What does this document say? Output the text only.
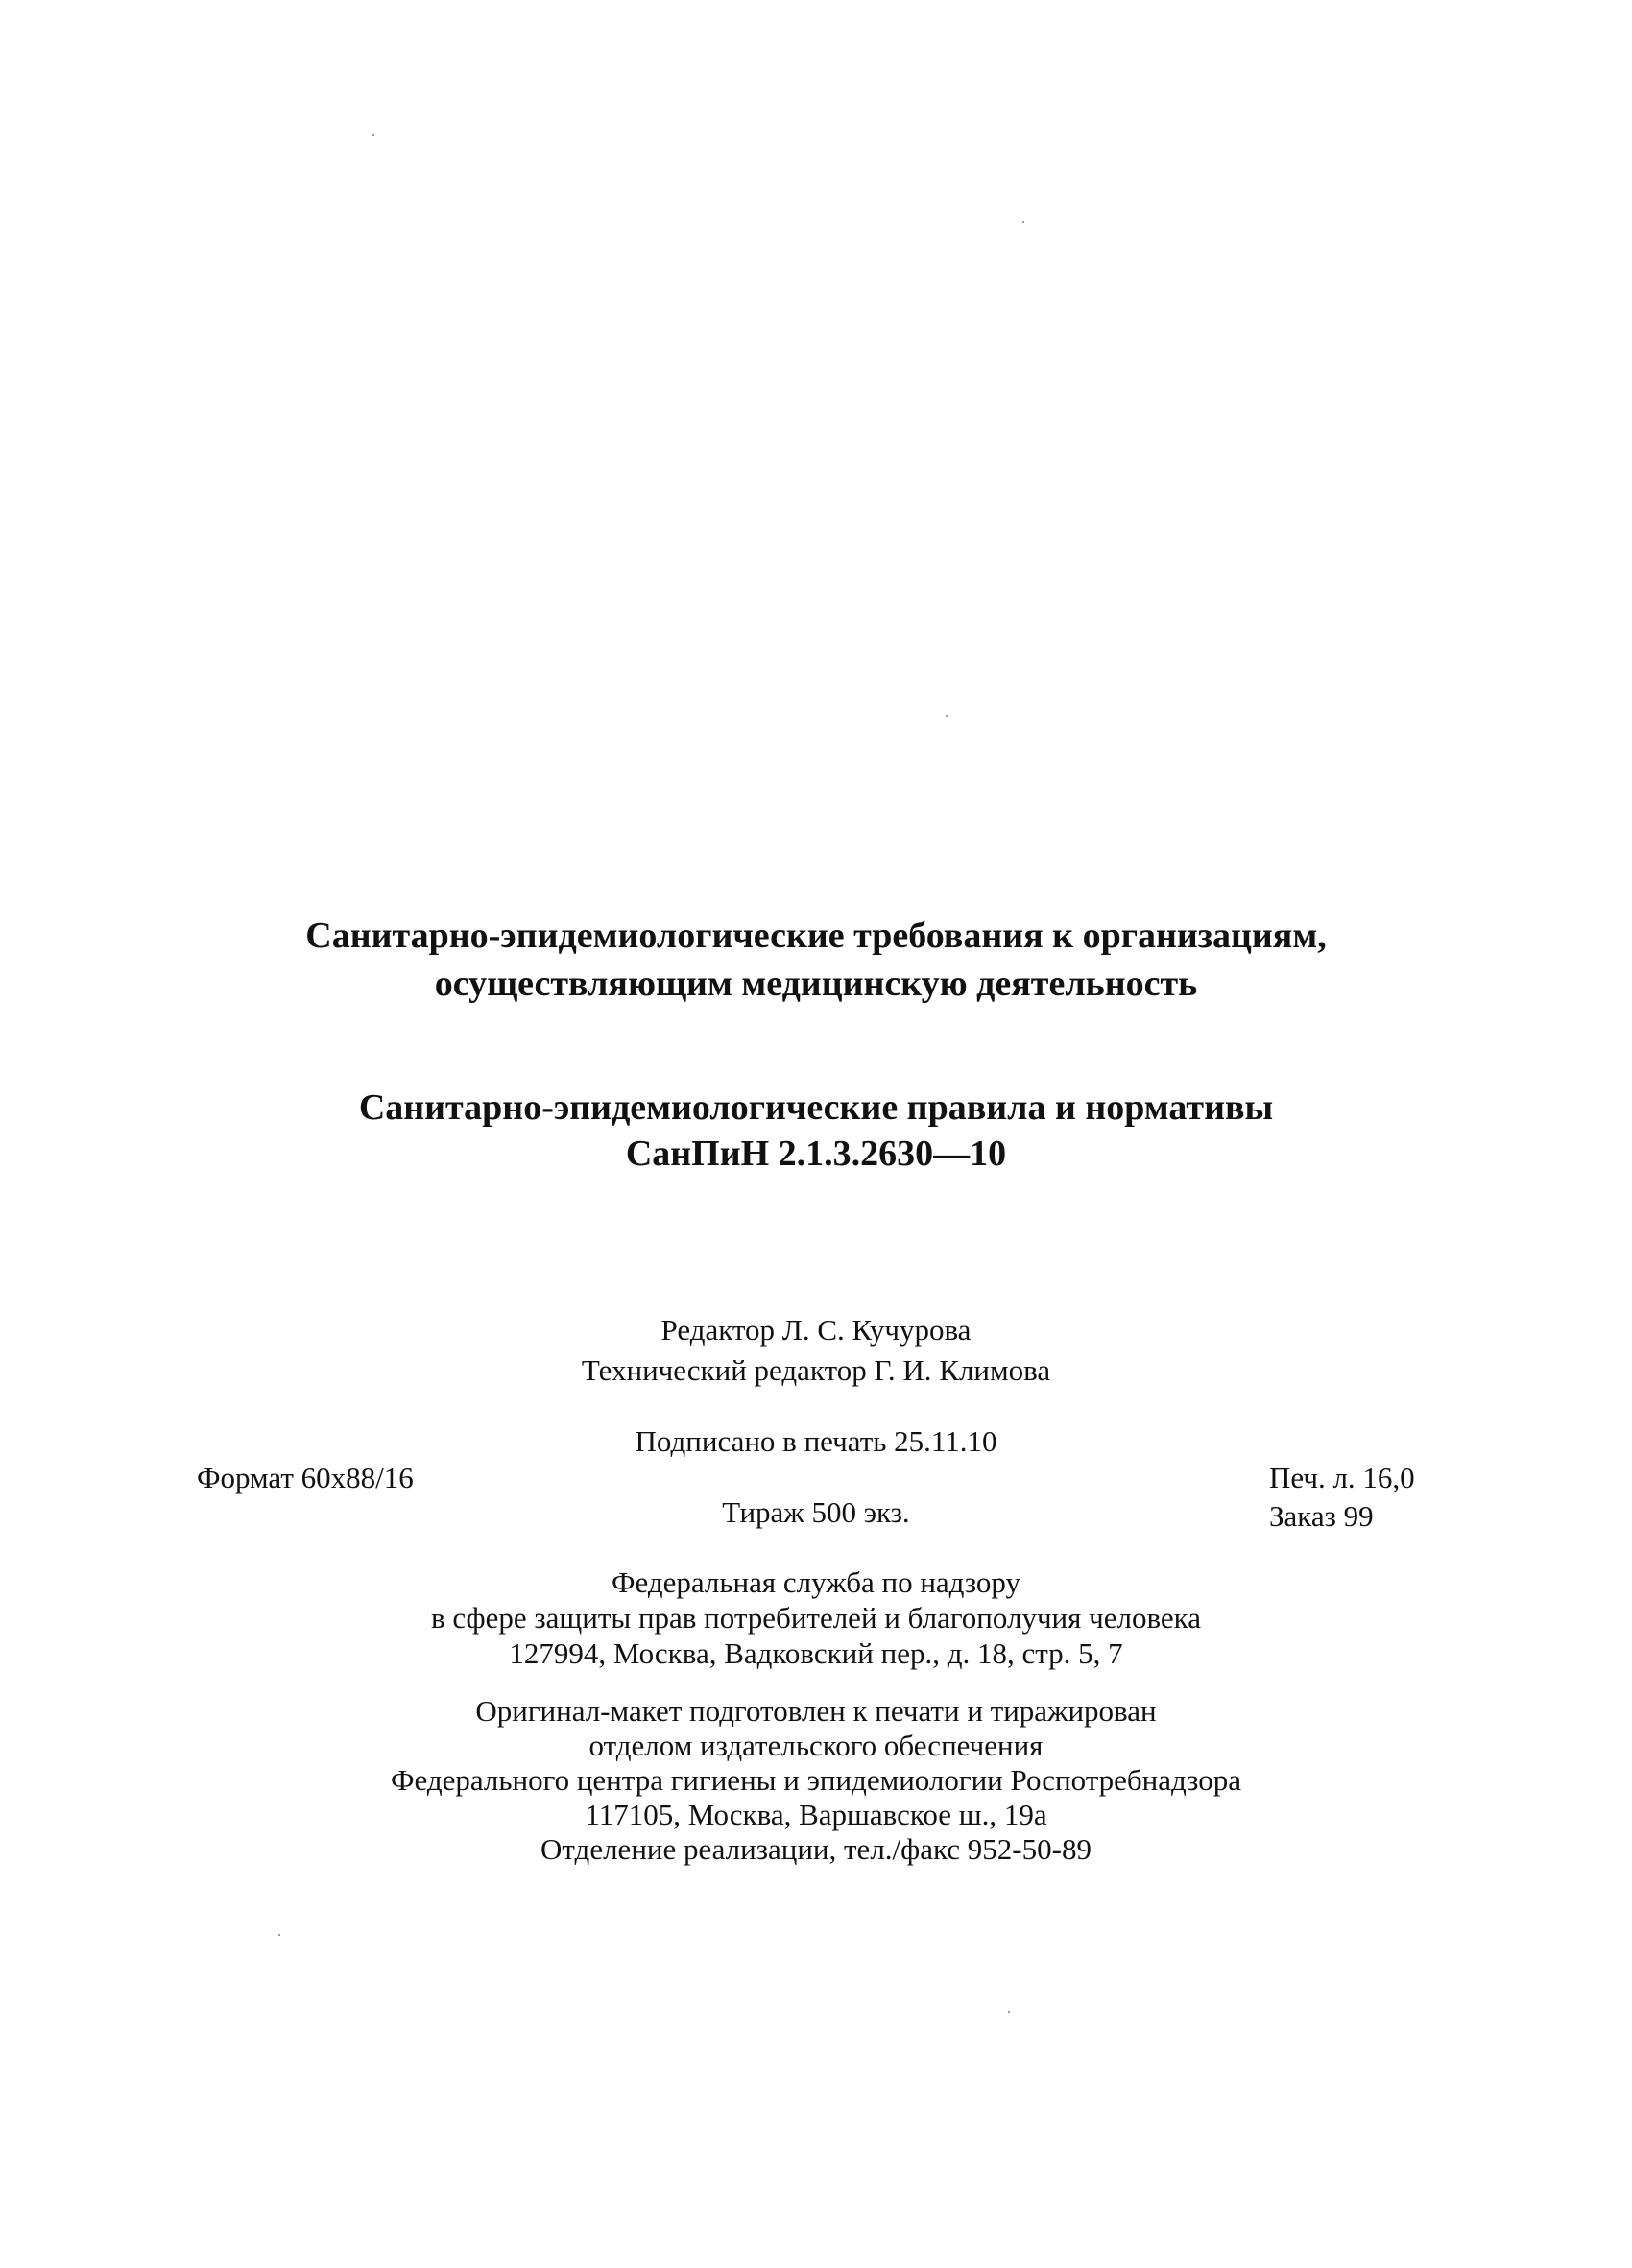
Санитарно-эпидемиологические требования к организациям,
осуществляющим медицинскую деятельность
Санитарно-эпидемиологические правила и нормативы
СанПиН 2.1.3.2630—10
Редактор Л. С. Кучурова
Технический редактор Г. И. Климова
Подписано в печать 25.11.10
Формат 60x88/16	Печ. л. 16,0
Заказ 99
Тираж 500 экз.
Федеральная служба по надзору
в сфере защиты прав потребителей и благополучия человека
127994, Москва, Вадковский пер., д. 18, стр. 5, 7
Оригинал-макет подготовлен к печати и тиражирован
отделом издательского обеспечения
Федерального центра гигиены и эпидемиологии Роспотребнадзора
117105, Москва, Варшавское ш., 19а
Отделение реализации, тел./факс 952-50-89
